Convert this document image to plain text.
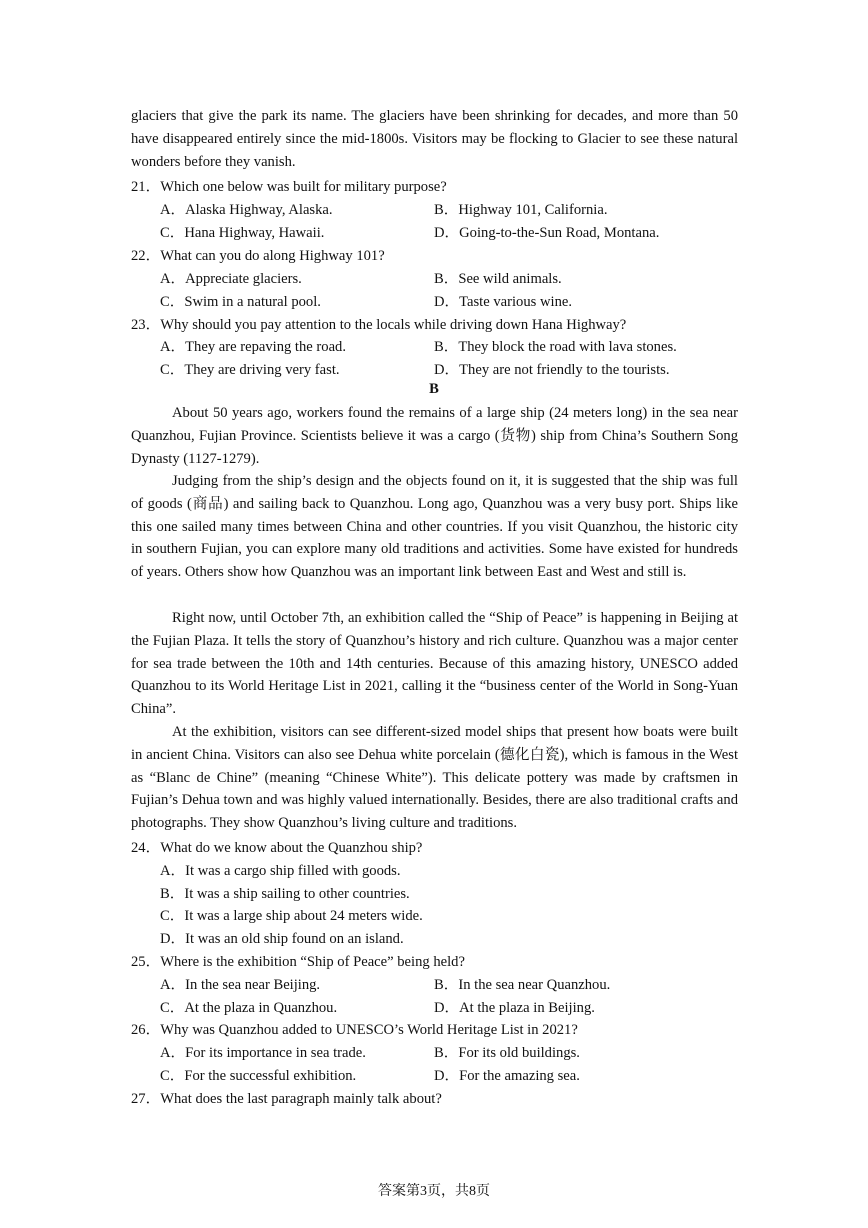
glaciers that give the park its name. The glaciers have been shrinking for decades, and more than 50 have disappeared entirely since the mid-1800s. Visitors may be flocking to Glacier to see these natural wonders before they vanish.

21．Which one below was built for military purpose?

A．Alaska Highway, Alaska.	B．Highway 101, California.

C．Hana Highway, Hawaii.	D．Going-to-the-Sun Road, Montana.

22．What can you do along Highway 101?

A．Appreciate glaciers.	B．See wild animals.

C．Swim in a natural pool.	D．Taste various wine.

23．Why should you pay attention to the locals while driving down Hana Highway?

A．They are repaving the road.	B．They block the road with lava stones.

C．They are driving very fast.	D．They are not friendly to the tourists.

B

About 50 years ago, workers found the remains of a large ship (24 meters long) in the sea near Quanzhou, Fujian Province. Scientists believe it was a cargo (货物) ship from China’s Southern Song Dynasty (1127-1279).

Judging from the ship’s design and the objects found on it, it is suggested that the ship was full of goods (商品) and sailing back to Quanzhou. Long ago, Quanzhou was a very busy port. Ships like this one sailed many times between China and other countries. If you visit Quanzhou, the historic city in southern Fujian, you can explore many old traditions and activities. Some have existed for hundreds of years. Others show how Quanzhou was an important link between East and West and still is.

Right now, until October 7th, an exhibition called the “Ship of Peace” is happening in Beijing at the Fujian Plaza. It tells the story of Quanzhou’s history and rich culture. Quanzhou was a major center for sea trade between the 10th and 14th centuries. Because of this amazing history, UNESCO added Quanzhou to its World Heritage List in 2021, calling it the “business center of the World in Song-Yuan China”.

At the exhibition, visitors can see different-sized model ships that present how boats were built in ancient China. Visitors can also see Dehua white porcelain (德化白瓷), which is famous in the West as “Blanc de Chine” (meaning “Chinese White”). This delicate pottery was made by craftsmen in Fujian’s Dehua town and was highly valued internationally. Besides, there are also traditional crafts and photographs. They show Quanzhou’s living culture and traditions.

24．What do we know about the Quanzhou ship?

A．It was a cargo ship filled with goods.

B．It was a ship sailing to other countries.

C．It was a large ship about 24 meters wide.

D．It was an old ship found on an island.

25．Where is the exhibition “Ship of Peace” being held?

A．In the sea near Beijing.	B．In the sea near Quanzhou.

C．At the plaza in Quanzhou.	D．At the plaza in Beijing.

26．Why was Quanzhou added to UNESCO’s World Heritage List in 2021?

A．For its importance in sea trade.	B．For its old buildings.

C．For the successful exhibition.	D．For the amazing sea.

27．What does the last paragraph mainly talk about?

答案第3页，共8页
